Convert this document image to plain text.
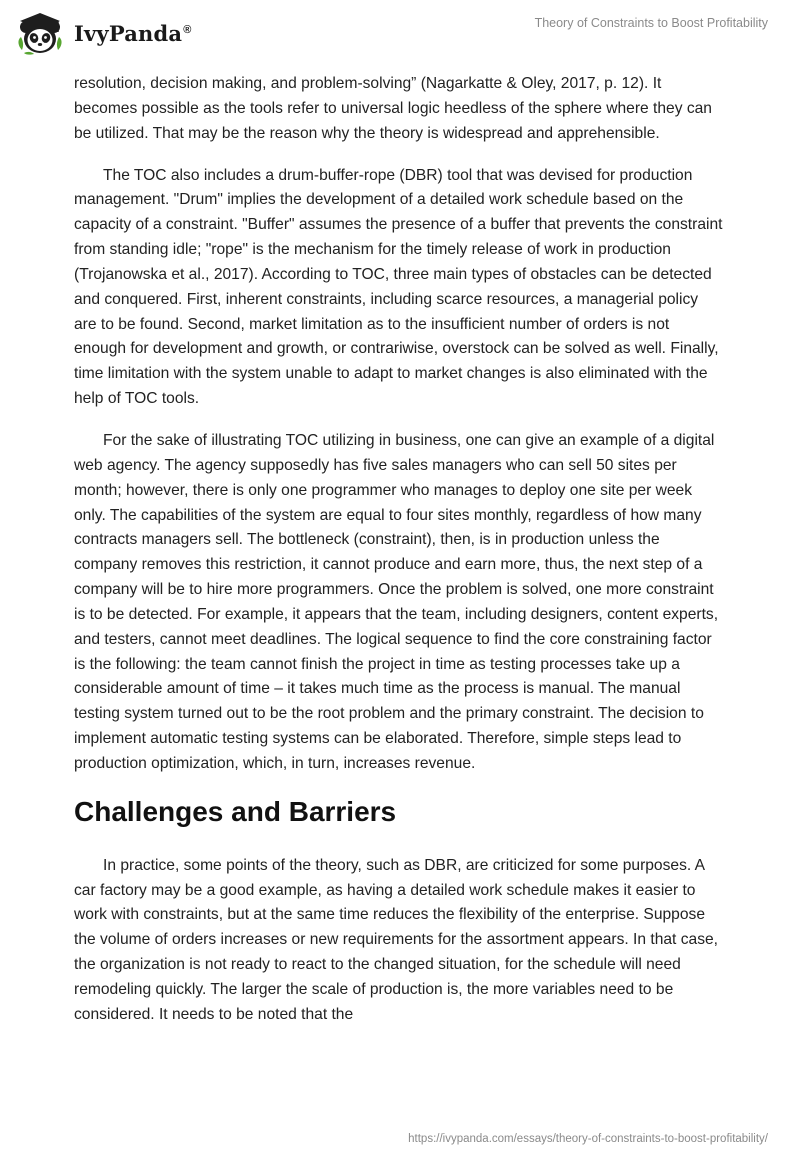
IvyPanda®	Theory of Constraints to Boost Profitability

resolution, decision making, and problem-solving” (Nagarkatte & Oley, 2017, p. 12). It becomes possible as the tools refer to universal logic heedless of the sphere where they can be utilized. That may be the reason why the theory is widespread and apprehensible.

The TOC also includes a drum-buffer-rope (DBR) tool that was devised for production management. "Drum" implies the development of a detailed work schedule based on the capacity of a constraint. "Buffer" assumes the presence of a buffer that prevents the constraint from standing idle; "rope" is the mechanism for the timely release of work in production (Trojanowska et al., 2017). According to TOC, three main types of obstacles can be detected and conquered. First, inherent constraints, including scarce resources, a managerial policy are to be found. Second, market limitation as to the insufficient number of orders is not enough for development and growth, or contrariwise, overstock can be solved as well. Finally, time limitation with the system unable to adapt to market changes is also eliminated with the help of TOC tools.

For the sake of illustrating TOC utilizing in business, one can give an example of a digital web agency. The agency supposedly has five sales managers who can sell 50 sites per month; however, there is only one programmer who manages to deploy one site per week only. The capabilities of the system are equal to four sites monthly, regardless of how many contracts managers sell. The bottleneck (constraint), then, is in production unless the company removes this restriction, it cannot produce and earn more, thus, the next step of a company will be to hire more programmers. Once the problem is solved, one more constraint is to be detected. For example, it appears that the team, including designers, content experts, and testers, cannot meet deadlines. The logical sequence to find the core constraining factor is the following: the team cannot finish the project in time as testing processes take up a considerable amount of time – it takes much time as the process is manual. The manual testing system turned out to be the root problem and the primary constraint. The decision to implement automatic testing systems can be elaborated. Therefore, simple steps lead to production optimization, which, in turn, increases revenue.

Challenges and Barriers

In practice, some points of the theory, such as DBR, are criticized for some purposes. A car factory may be a good example, as having a detailed work schedule makes it easier to work with constraints, but at the same time reduces the flexibility of the enterprise. Suppose the volume of orders increases or new requirements for the assortment appears. In that case, the organization is not ready to react to the changed situation, for the schedule will need remodeling quickly. The larger the scale of production is, the more variables need to be considered. It needs to be noted that the

https://ivypanda.com/essays/theory-of-constraints-to-boost-profitability/
